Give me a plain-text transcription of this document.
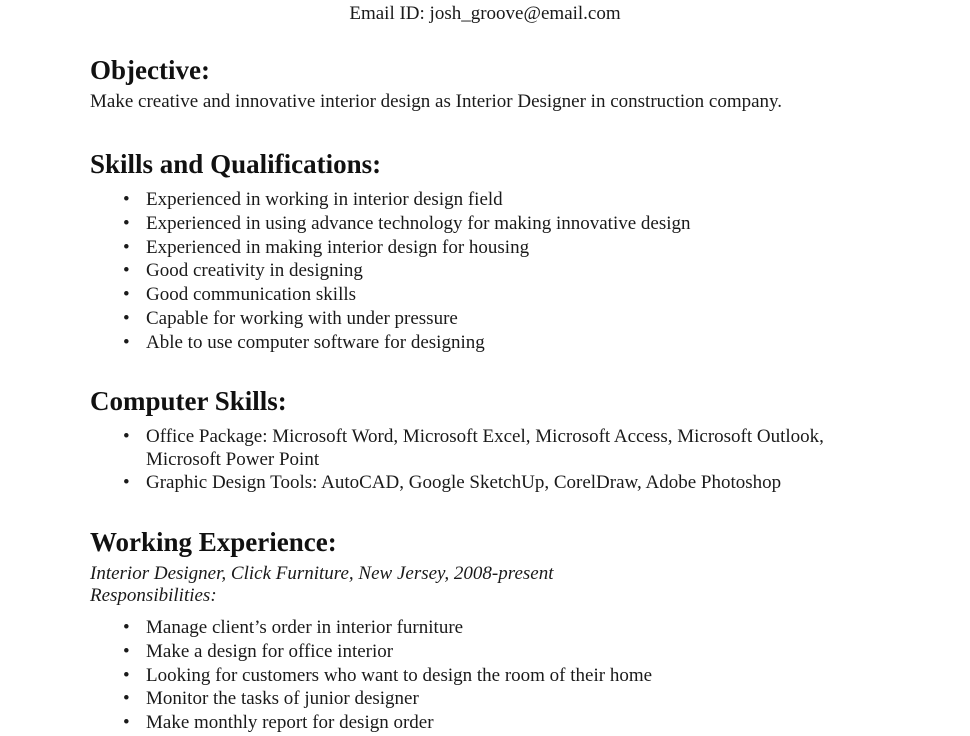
Email ID: josh_groove@email.com

Objective:

Make creative and innovative interior design as Interior Designer in construction company.

Skills and Qualifications:
• Experienced in working in interior design field
• Experienced in using advance technology for making innovative design
• Experienced in making interior design for housing
• Good creativity in designing
• Good communication skills
• Capable for working with under pressure
• Able to use computer software for designing
Computer Skills:
• Office Package: Microsoft Word, Microsoft Excel, Microsoft Access, Microsoft Outlook, Microsoft Power Point
• Graphic Design Tools: AutoCAD, Google SketchUp, CorelDraw, Adobe Photoshop
Working Experience:

Interior Designer, Click Furniture, New Jersey, 2008-present

Responsibilities:

• Manage client’s order in interior furniture
• Make a design for office interior
• Looking for customers who want to design the room of their home
• Monitor the tasks of junior designer
• Make monthly report for design order
